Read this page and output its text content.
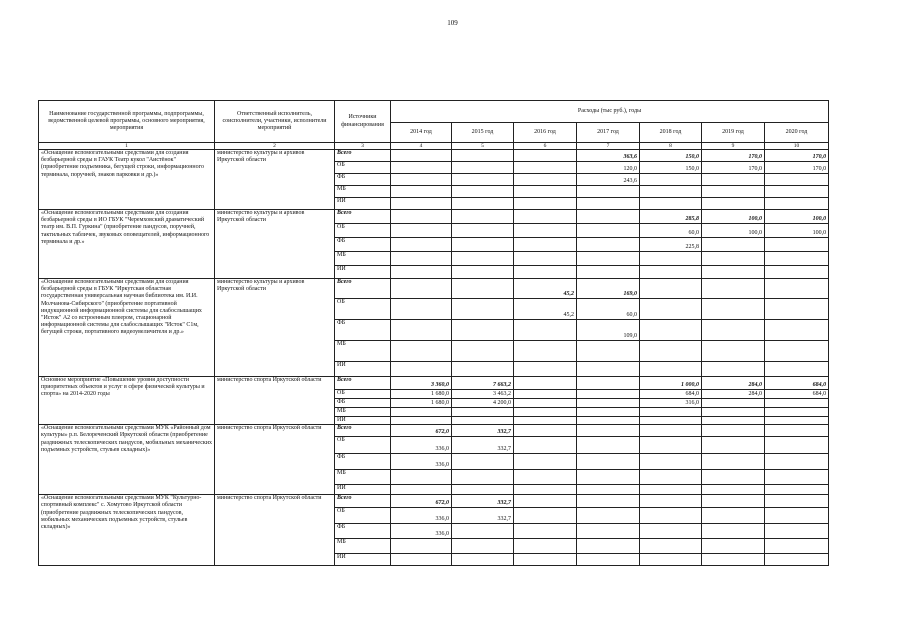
109
Наименование государственной программы, подпрограммы, ведомственной целевой программы, основного мероприятия, мероприятия	Ответственный исполнитель, соисполнители, участники, исполнители мероприятий	Источники финансирования	Расходы (тыс руб.), годы						
			2014 год	2015 год	2016 год	2017 год	2018 год	2019 год	2020 год
1	2	3	4	5	6	7	8	9	10
«Оснащение вспомогательными средствами для создания безбарьерной среды в ГАУК Театр кукол "Аистёнок"(приобретение подъемника, бегущей строки, информационного терминала, поручней, знаков парковки и др.)»	министерство культуры и архивов Иркутской области	Всего				363,6	150,0	170,0	170,0
		ОБ				120,0	150,0	170,0	170,0
		ФБ				243,6			
		МБ							
		ИИ							
«Оснащение вспомогательными средствами для создания безбарьерной среды в ИО ГБУК "Черемховский драматический театр им. В.П. Гуркина" (приобретение пандусов, поручней, тактильных табличек, звуковых оповещателей, информационного терминала и др.»	министерство культуры и архивов Иркутской области	Всего					285,8	100,0	100,0
		ОБ					60,0	100,0	100,0
		ФБ					225,8		
		МБ							
		ИИ							
«Оснащение вспомогательными средствами для создания безбарьерной среды в ГБУК "Иркутская областная государственная универсальная научная библиотека им. И.И. Молчанова-Сибирского" (приобретение портативной индукционной информационной системы для слабослышащих "Исток" А2 со встроенным плеером, стационарной информационной системы для слабослышащих "Исток" С1м, бегущей строки, портативного видеоувеличителя и др.»	министерство культуры и архивов Иркутской области	Всего			45,2	169,0			
		ОБ			45,2	60,0			
		ФБ				109,0			
		МБ							
		ИИ							
Основное мероприятие «Повышение уровня доступности приоритетных объектов и услуг в сфере физической культуры и спорта» на 2014-2020 годы	министерство спорта Иркутской области	Всего	3 360,0	7 663,2			1 000,0	284,0	684,0
		ОБ	1 680,0	3 463,2			684,0	284,0	684,0
		ФБ	1 680,0	4 200,0			316,0		
		МБ							
		ИИ							
«Оснащение вспомогательными средствами МУК «Районный дом культуры» р.п. Белореченский Иркутской области (приобретение раздвижных телескопических пандусов, мобильных механических подъемных устройств, стульев складных)»	министерство спорта Иркутской области	Всего	672,0	332,7					
		ОБ	336,0	332,7					
		ФБ	336,0						
		МБ							
		ИИ							
«Оснащение вспомогательными средствами МУК "Культурно-спортивный комплекс" с. Хомутово Иркутской области (приобретение раздвижных телескопических пандусов, мобильных механических подъемных устройств, стульев складных)»	министерство спорта Иркутской области	Всего	672,0	332,7					
		ОБ	336,0	332,7					
		ФБ	336,0						
		МБ							
		ИИ							
